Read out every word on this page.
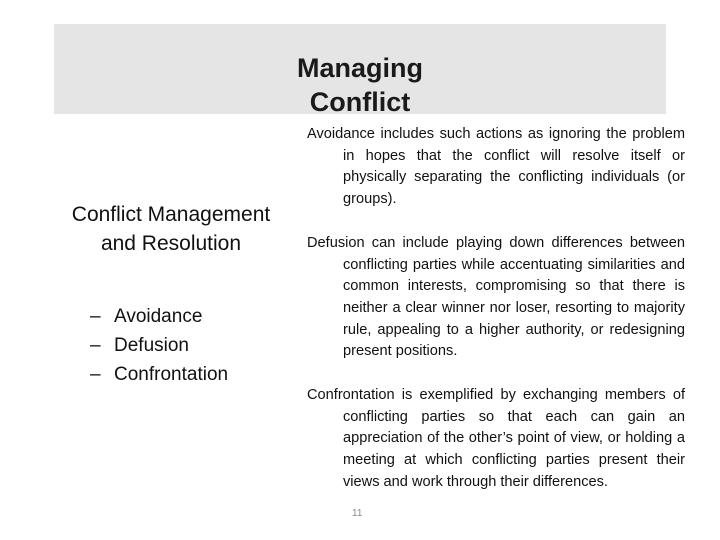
Managing
Conflict
Conflict Management
and Resolution
– Avoidance
– Defusion
– Confrontation

Avoidance includes such actions as ignoring the problem in hopes that the conflict will resolve itself or physically separating the conflicting individuals (or groups).

Defusion can include playing down differences between conflicting parties while accentuating similarities and common interests, compromising so that there is neither a clear winner nor loser, resorting to majority rule, appealing to a higher authority, or redesigning present positions.

Confrontation is exemplified by exchanging members of conflicting parties so that each can gain an appreciation of the other’s point of view, or holding a meeting at which conflicting parties present their views and work through their differences.

11
